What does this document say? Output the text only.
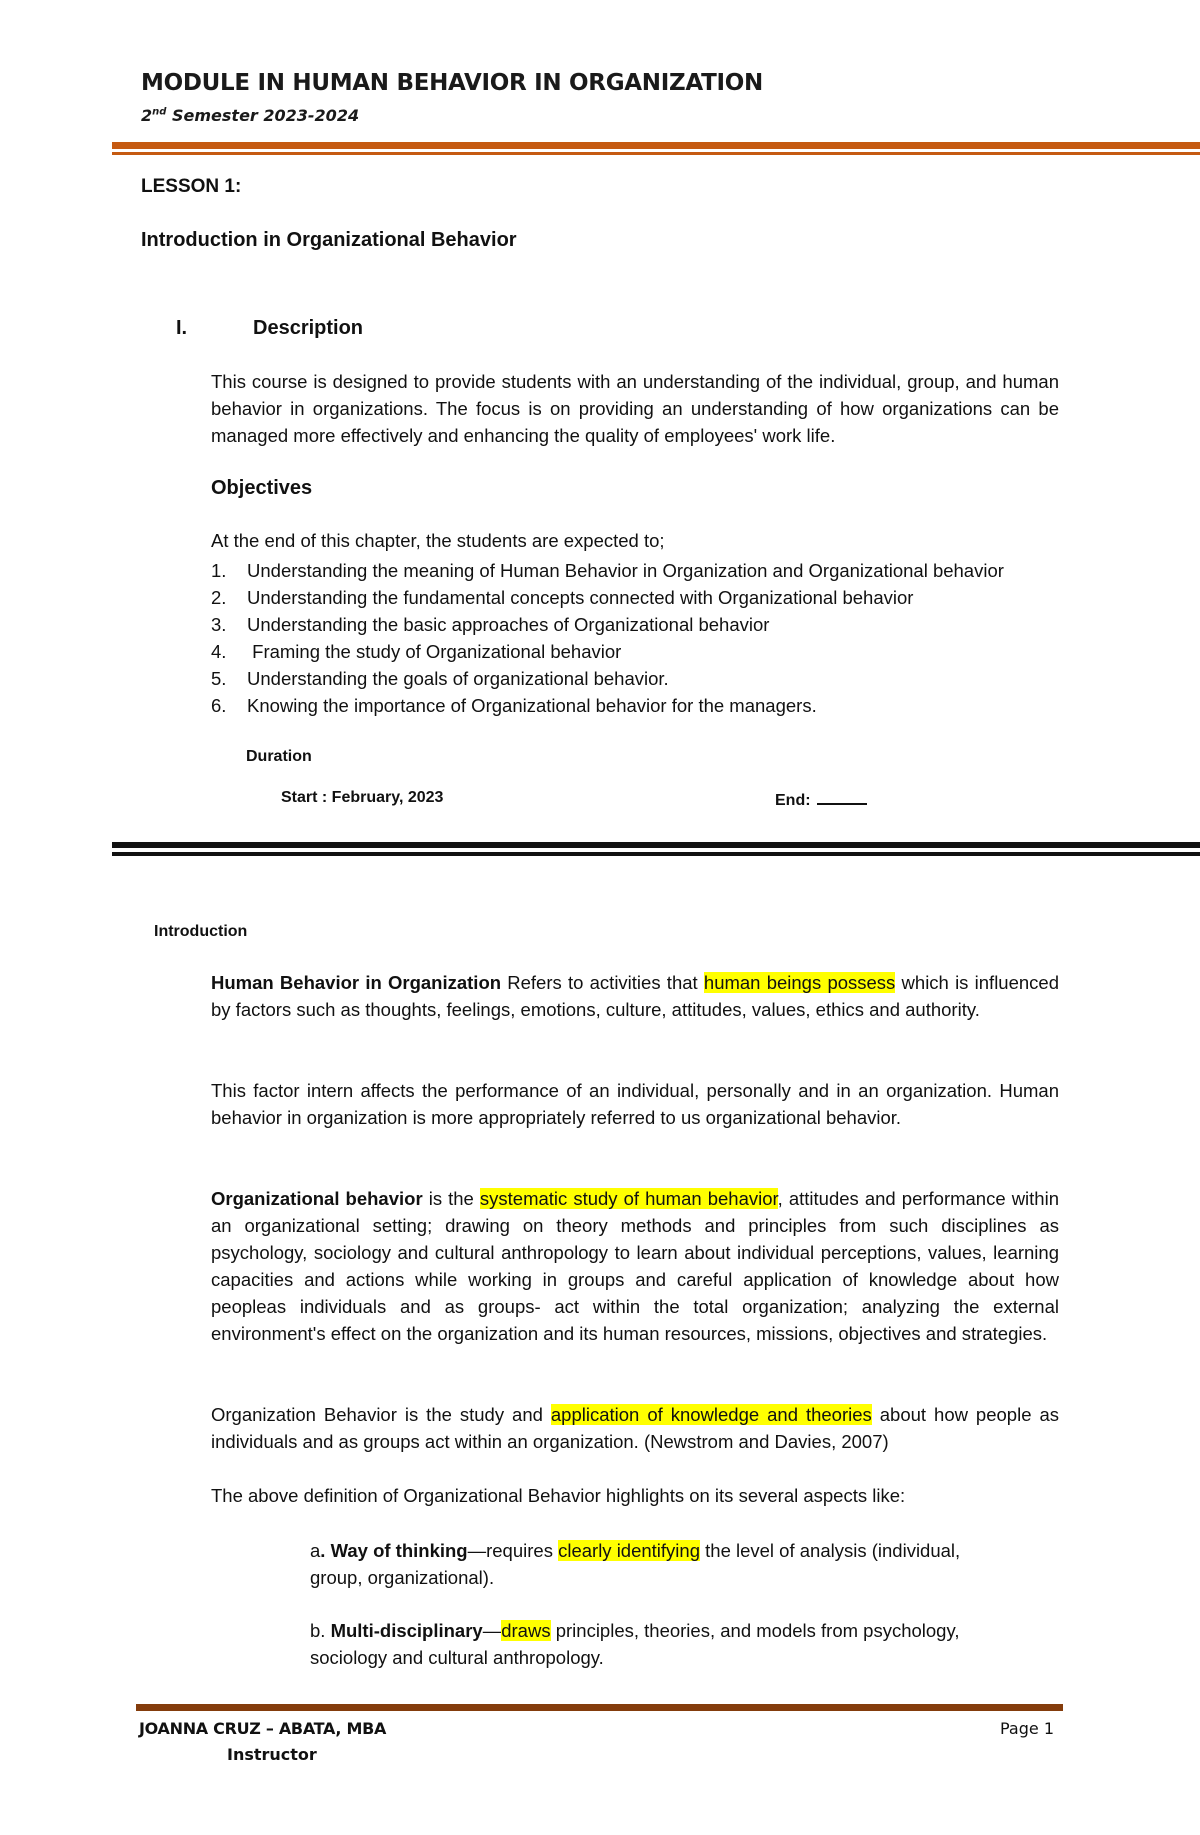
MODULE IN HUMAN BEHAVIOR IN ORGANIZATION
2nd Semester 2023-2024
LESSON 1:
Introduction in Organizational Behavior
I.	Description
This course is designed to provide students with an understanding of the individual, group, and human behavior in organizations. The focus is on providing an understanding of how organizations can be managed more effectively and enhancing the quality of employees' work life.
Objectives
At the end of this chapter, the students are expected to;
1.	Understanding the meaning of Human Behavior in Organization and Organizational behavior
2.	Understanding the fundamental concepts connected with Organizational behavior
3.	Understanding the basic approaches of Organizational behavior
4.	Framing the study of Organizational behavior
5.	Understanding the goals of organizational behavior.
6.	Knowing the importance of Organizational behavior for the managers.
Duration
Start : February, 2023	End:
Introduction
Human Behavior in Organization Refers to activities that human beings possess which is influenced by factors such as thoughts, feelings, emotions, culture, attitudes, values, ethics and authority.
This factor intern affects the performance of an individual, personally and in an organization. Human behavior in organization is more appropriately referred to us organizational behavior.
Organizational behavior is the systematic study of human behavior, attitudes and performance within an organizational setting; drawing on theory methods and principles from such disciplines as psychology, sociology and cultural anthropology to learn about individual perceptions, values, learning capacities and actions while working in groups and careful application of knowledge about how peopleas individuals and as groups- act within the total organization; analyzing the external environment's effect on the organization and its human resources, missions, objectives and strategies.
Organization Behavior is the study and application of knowledge and theories about how people as individuals and as groups act within an organization. (Newstrom and Davies, 2007)
The above definition of Organizational Behavior highlights on its several aspects like:
a. Way of thinking—requires clearly identifying the level of analysis (individual, group, organizational).
b. Multi-disciplinary—draws principles, theories, and models from psychology, sociology and cultural anthropology.
JOANNA CRUZ – ABATA, MBA
Instructor
Page 1
